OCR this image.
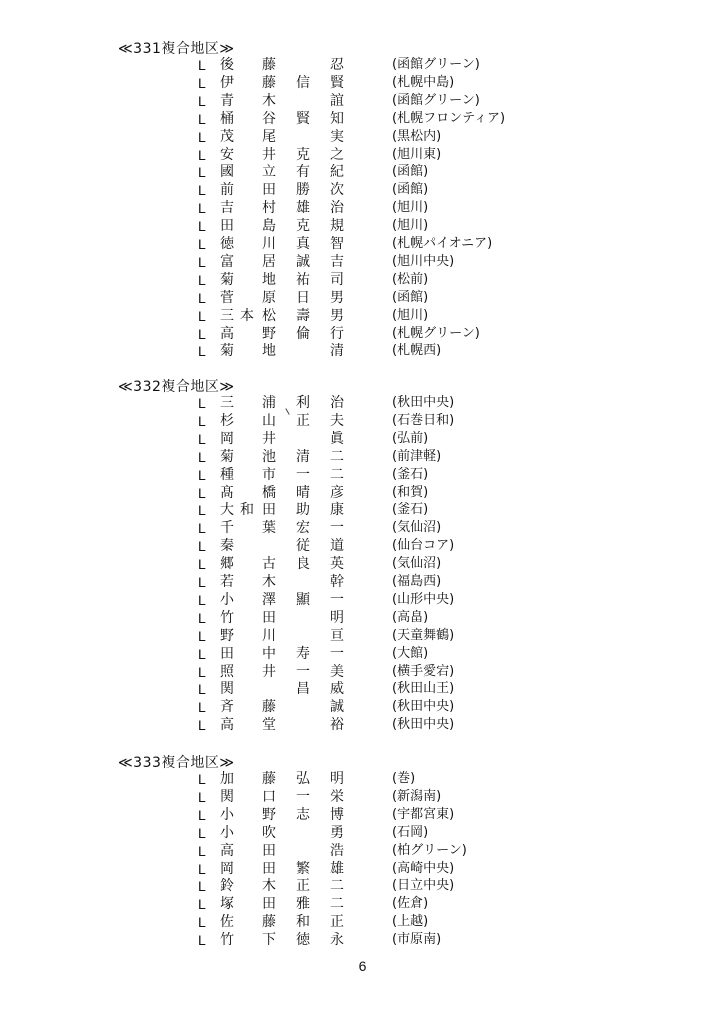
≪331複合地区≫
L 後 藤	忍	(函館グリーン)
L 伊 藤 信 賢	(札幌中島)
L 青 木	誼	(函館グリーン)
L 桶 谷 賢 知	(札幌フロンティア)
L 茂 尾	実	(黒松内)
L 安 井 克 之	(旭川東)
L 國 立 有 紀	(函館)
L 前 田 勝 次	(函館)
L 吉 村 雄 治	(旭川)
L 田 島 克 規	(旭川)
L 徳 川 真 智	(札幌パイオニア)
L 富 居 誠 吉	(旭川中央)
L 菊 地 祐 司	(松前)
L 菅 原 日 男	(函館)
L 三 本 松 壽 男	(旭川)
L 高 野 倫 行	(札幌グリーン)
L 菊 地	清	(札幌西)
≪332複合地区≫
L 三 浦 利 治	(秋田中央)
L 杉 山 正 夫	(石巻日和)
L 岡 井	眞	(弘前)
L 菊 池 清 二	(前津軽)
L 種 市 一 二	(釜石)
L 髙 橋 晴 彦	(和賀)
L 大 和 田 助 康	(釜石)
L 千 葉 宏 一	(気仙沼)
L 秦	従 道	(仙台コア)
L 郷 古 良 英	(気仙沼)
L 若 木	幹	(福島西)
L 小 澤 顯 一	(山形中央)
L 竹 田	明	(高畠)
L 野 川	亘	(天童舞鶴)
L 田 中 寿 一	(大館)
L 照 井 一 美	(横手愛宕)
L 関	昌 威	(秋田山王)
L 斉 藤	誠	(秋田中央)
L 高 堂	裕	(秋田中央)
≪333複合地区≫
L 加 藤 弘 明	(巻)
L 関 口 一 栄	(新潟南)
L 小 野 志 博	(宇都宮東)
L 小 吹	勇	(石岡)
L 高 田	浩	(柏グリーン)
L 岡 田 繁 雄	(高崎中央)
L 鈴 木 正 二	(日立中央)
L 塚 田 雅 二	(佐倉)
L 佐 藤 和 正	(上越)
L 竹 下 徳 永	(市原南)
6
